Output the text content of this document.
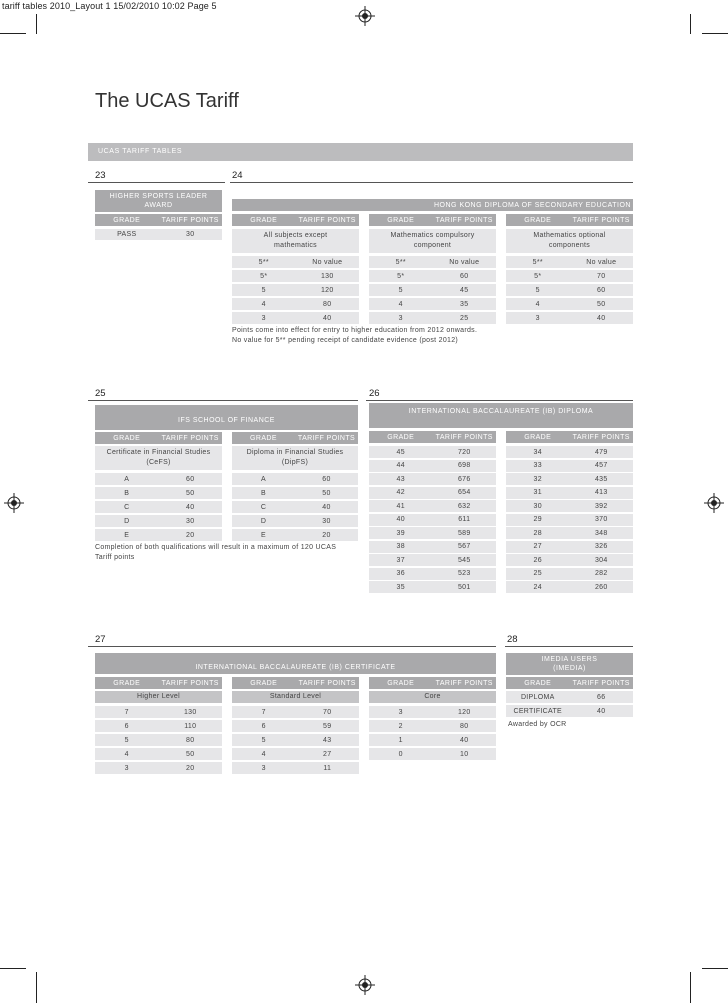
tariff tables 2010_Layout 1 15/02/2010 10:02 Page 5
The UCAS Tariff
UCAS TARIFF TABLES
23
HIGHER SPORTS LEADER AWARD
GRADE	TARIFF POINTS
PASS	30
24
HONG KONG DIPLOMA OF SECONDARY EDUCATION
GRADE	TARIFF POINTS	GRADE	TARIFF POINTS	GRADE	TARIFF POINTS
All subjects except mathematics
Mathematics compulsory component
Mathematics optional components
5**	No value
5*	130
5	120
4	80
3	40
5**	No value
5*	60
5	45
4	35
3	25
5**	No value
5*	70
5	60
4	50
3	40
Points come into effect for entry to higher education from 2012 onwards.
No value for 5** pending receipt of candidate evidence (post 2012)
25
IFS SCHOOL OF FINANCE
GRADE	TARIFF POINTS	GRADE	TARIFF POINTS
Certificate in Financial Studies (CeFS)
Diploma in Financial Studies (DipFS)
A	60
B	50
C	40
D	30
E	20
A	60
B	50
C	40
D	30
E	20
Completion of both qualifications will result in a maximum of 120 UCAS
Tariff points
26
INTERNATIONAL BACCALAUREATE (IB) DIPLOMA
GRADE	TARIFF POINTS	GRADE	TARIFF POINTS
45	720
44	698
43	676
42	654
41	632
40	611
39	589
38	567
37	545
36	523
35	501
34	479
33	457
32	435
31	413
30	392
29	370
28	348
27	326
26	304
25	282
24	260
27
INTERNATIONAL BACCALAUREATE (IB) CERTIFICATE
GRADE	TARIFF POINTS	GRADE	TARIFF POINTS	GRADE	TARIFF POINTS
Higher Level	Standard Level	Core
7	130
6	110
5	80
4	50
3	20
7	70
6	59
5	43
4	27
3	11
3	120
2	80
1	40
0	10
28
IMEDIA USERS (IMEDIA)
GRADE	TARIFF POINTS
DIPLOMA	66
CERTIFICATE	40
Awarded by OCR
